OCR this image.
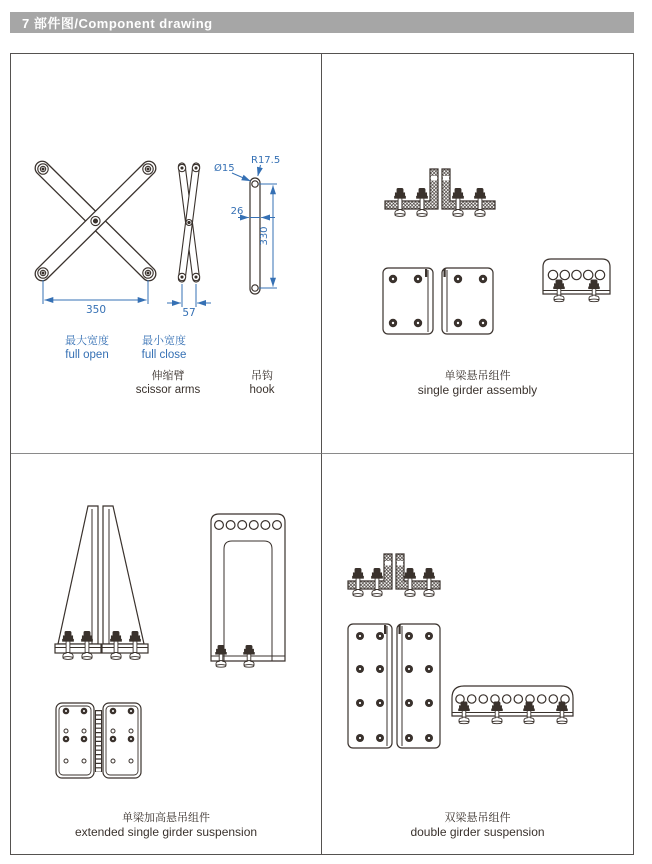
7 部件图/Component drawing
350	57
Ø15
R17.5
26
330
最大宽度
full open
最小宽度
full close
伸缩臂
scissor arms
吊钩
hook
单梁悬吊组件
single girder assembly
单梁加高悬吊组件
extended single girder suspension
双梁悬吊组件
double girder suspension
